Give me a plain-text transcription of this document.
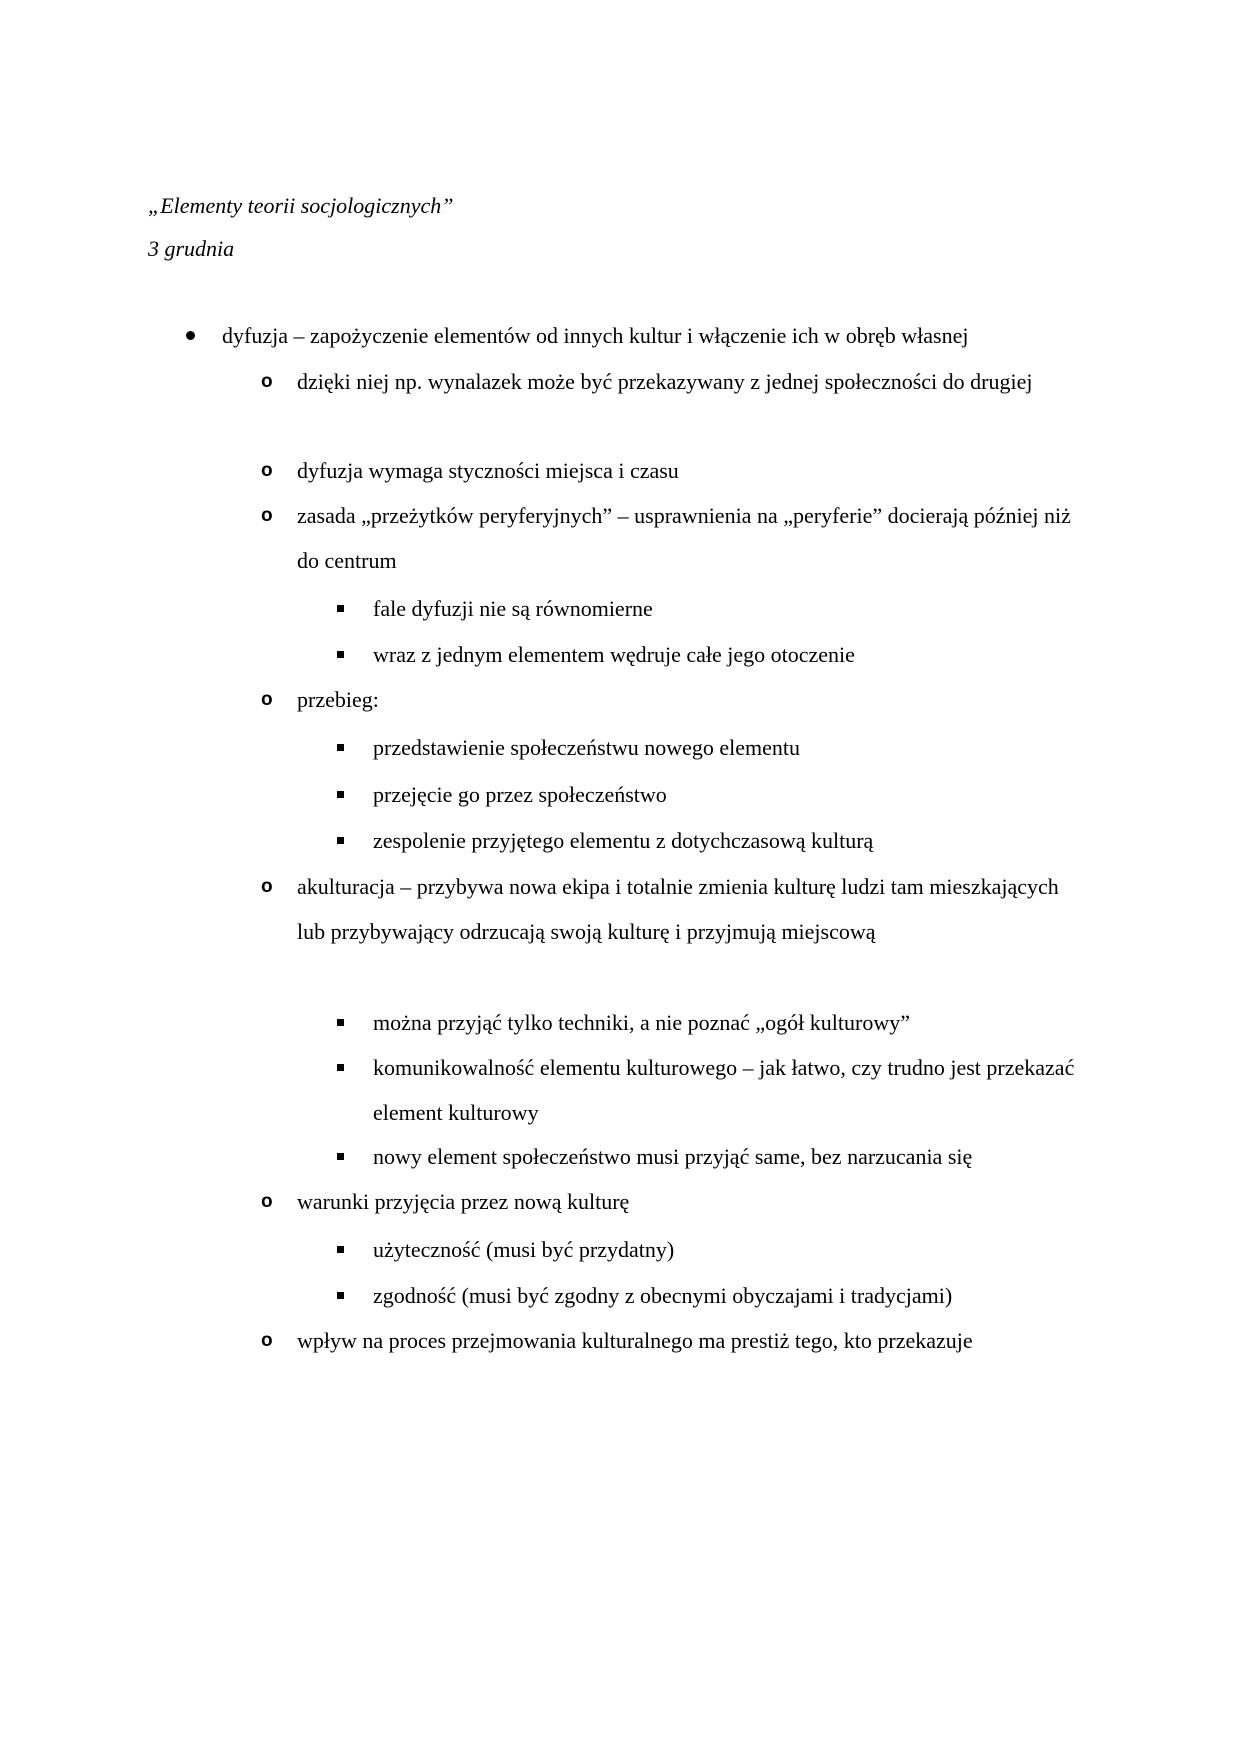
„Elementy teorii socjologicznych”
3 grudnia
dyfuzja – zapożyczenie elementów od innych kultur i włączenie ich w obręb własnej
o dzięki niej np. wynalazek może być przekazywany z jednej społeczności do drugiej
o dyfuzja wymaga styczności miejsca i czasu
o zasada „przeżytków peryferyjnych” – usprawnienia na „peryferie” docierają później niż do centrum
fale dyfuzji nie są równomierne
wraz z jednym elementem wędruje całe jego otoczenie
o przebieg:
przedstawienie społeczeństwu nowego elementu
przejęcie go przez społeczeństwo
zespolenie przyjętego elementu z dotychczasową kulturą
o akulturacja – przybywa nowa ekipa i totalnie zmienia kulturę ludzi tam mieszkających lub przybywający odrzucają swoją kulturę i przyjmują miejscową
można przyjąć tylko techniki, a nie poznać „ogół kulturowy”
komunikowalność elementu kulturowego – jak łatwo, czy trudno jest przekazać element kulturowy
nowy element społeczeństwo musi przyjąć same, bez narzucania się
o warunki przyjęcia przez nową kulturę
użyteczność (musi być przydatny)
zgodność (musi być zgodny z obecnymi obyczajami i tradycjami)
o wpływ na proces przejmowania kulturalnego ma prestiż tego, kto przekazuje
